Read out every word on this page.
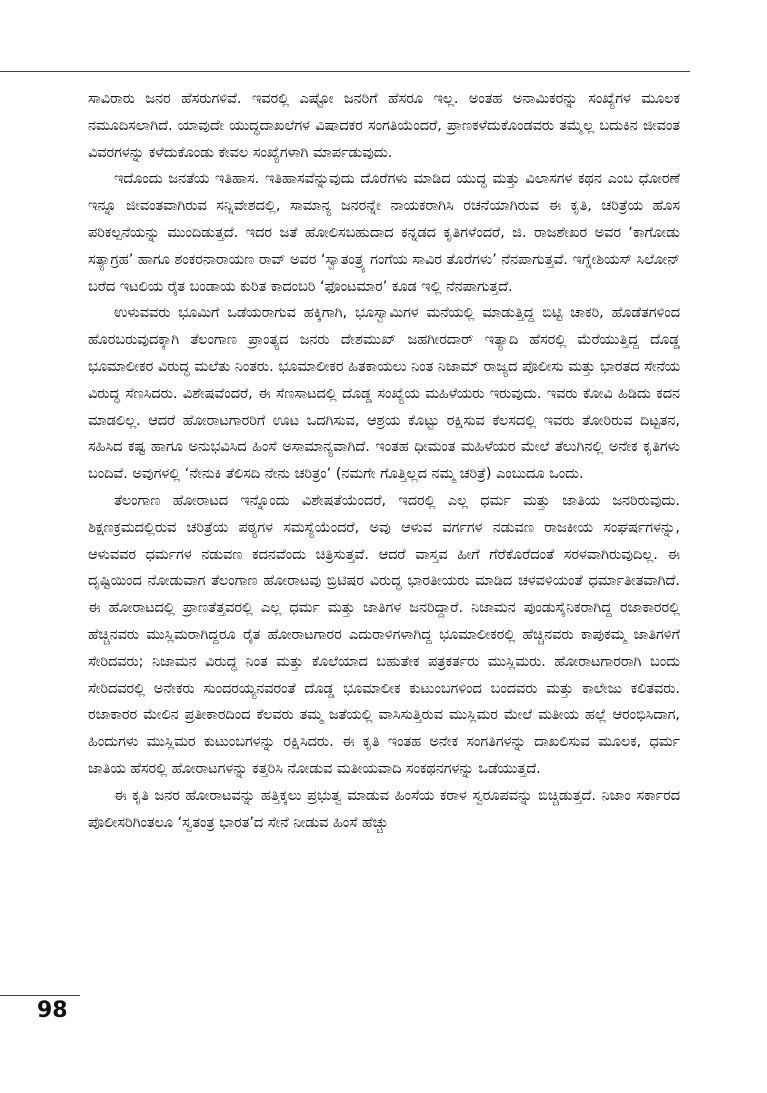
ಸಾವಿರಾರು ಜನರ ಹೆಸರುಗಳಿವೆ. ಇವರಲ್ಲಿ ಎಷ್ಟೋ ಜನರಿಗೆ ಹೆಸರೂ ಇಲ್ಲ. ಅಂತಹ ಅನಾಮಿಕರನ್ನು ಸಂಖ್ಯೆಗಳ ಮೂಲಕ ನಮೂದಿಸಲಾಗಿದೆ. ಯಾವುದೇ ಯುದ್ಧದಾಖಲೆಗಳ ವಿಷಾದಕರ ಸಂಗತಿಯೆಂದರೆ, ಪ್ರಾಣಕಳೆದುಕೊಂಡವರು ತಮ್ಮೆಲ್ಲ ಬದುಕಿನ ಜೀವಂತ ವಿವರಗಳನ್ನು ಕಳೆದುಕೊಂಡು ಕೇವಲ ಸಂಖ್ಯೆಗಳಾಗಿ ಮಾರ್ಪಡುವುದು.

ಇದೊಂದು ಜನತೆಯ ಇತಿಹಾಸ. ಇತಿಹಾಸವೆನ್ನುವುದು ದೊರೆಗಳು ಮಾಡಿದ ಯುದ್ಧ ಮತ್ತು ವಿಲಾಸಗಳ ಕಥನ ಎಂಬ ಧೋರಣೆ ಇನ್ನೂ ಜೀವಂತವಾಗಿರುವ ಸನ್ನಿವೇಶದಲ್ಲಿ, ಸಾಮಾನ್ಯ ಜನರನ್ನೇ ನಾಯಕರಾಗಿಸಿ ರಚನೆಯಾಗಿರುವ ಈ ಕೃತಿ, ಚರಿತ್ರೆಯ ಹೊಸ ಪರಿಕಲ್ಪನೆಯನ್ನು ಮುಂದಿಡುತ್ತದೆ. ಇದರ ಜತೆ ಹೋಲಿಸಬಹುದಾದ ಕನ್ನಡದ ಕೃತಿಗಳೆಂದರೆ, ಜಿ. ರಾಜಶೇಖರ ಅವರ ‘ಕಾಗೋಡು ಸತ್ಯಾಗ್ರಹ’ ಹಾಗೂ ಶಂಕರನಾರಾಯಣ ರಾವ್ ಅವರ ‘ಸ್ವಾತಂತ್ರ್ಯ ಗಂಗೆಯ ಸಾವಿರ ತೊರೆಗಳು’ ನೆನಪಾಗುತ್ತವೆ. ಇಗ್ನೇಶಿಯಸ್ ಸಿಲೋನ್ ಬರೆದ ಇಟಲಿಯ ರೈತ ಬಂಡಾಯ ಕುರಿತ ಕಾದಂಬರಿ ‘ಫೊಂಟಮಾರ’ ಕೂಡ ಇಲ್ಲಿ ನೆನಪಾಗುತ್ತದೆ.

ಉಳುವವರು ಭೂಮಿಗೆ ಒಡೆಯರಾಗುವ ಹಕ್ಕಿಗಾಗಿ, ಭೂಸ್ವಾಮಿಗಳ ಮನೆಯಲ್ಲಿ ಮಾಡುತ್ತಿದ್ದ ಬಿಟ್ಟಿ ಚಾಕರಿ, ಹೊಡೆತಗಳಿಂದ ಹೊರಬರುವುದಕ್ಕಾಗಿ ತೆಲಂಗಾಣ ಪ್ರಾಂತ್ಯದ ಜನರು ದೇಶಮುಖ್ ಜಹಗೀರದಾರ್ ಇತ್ಯಾದಿ ಹೆಸರಲ್ಲಿ ಮೆರೆಯುತ್ತಿದ್ದ ದೊಡ್ಡ ಭೂಮಾಲೀಕರ ವಿರುದ್ಧ ಮಲೆತು ನಿಂತರು. ಭೂಮಾಲೀಕರ ಹಿತಕಾಯಲು ನಿಂತ ನಿಜಾಮ್ ರಾಜ್ಯದ ಪೊಲೀಸು ಮತ್ತು ಭಾರತದ ಸೇನೆಯ ವಿರುದ್ಧ ಸೆಣಸಿದರು. ವಿಶೇಷವೆಂದರೆ, ಈ ಸೆಣಸಾಟದಲ್ಲಿ ದೊಡ್ಡ ಸಂಖ್ಯೆಯ ಮಹಿಳೆಯರು ಇರುವುದು. ಇವರು ಕೋವಿ ಹಿಡಿದು ಕದನ ಮಾಡಲಿಲ್ಲ. ಆದರೆ ಹೋರಾಟಗಾರರಿಗೆ ಊಟ ಒದಗಿಸುವ, ಆಶ್ರಯ ಕೊಟ್ಟು ರಕ್ಷಿಸುವ ಕೆಲಸದಲ್ಲಿ ಇವರು ತೋರಿರುವ ದಿಟ್ಟತನ, ಸಹಿಸಿದ ಕಷ್ಟ ಹಾಗೂ ಅನುಭವಿಸಿದ ಹಿಂಸೆ ಅಸಾಮಾನ್ಯವಾಗಿದೆ. ಇಂತಹ ಧೀಮಂತ ಮಹಿಳೆಯರ ಮೇಲೆ ತೆಲುಗಿನಲ್ಲಿ ಅನೇಕ ಕೃತಿಗಳು ಬಂದಿವೆ. ಅವುಗಳಲ್ಲಿ ‘ನೇನುಕಿ ತೆಲಿಸದಿ ನೇನು ಚರಿತ್ರಂ’ (ನಮಗೇ ಗೊತ್ತಿಲ್ಲದ ನಮ್ಮ ಚರಿತ್ರೆ) ಎಂಬುದೂ ಒಂದು.

ತೆಲಂಗಾಣ ಹೋರಾಟದ ಇನ್ನೊಂದು ವಿಶೇಷತೆಯೆಂದರೆ, ಇದರಲ್ಲಿ ಎಲ್ಲ ಧರ್ಮ ಮತ್ತು ಜಾತಿಯ ಜನರಿರುವುದು. ಶಿಕ್ಷಣಕ್ರಮದಲ್ಲಿರುವ ಚರಿತ್ರೆಯ ಪಠ್ಯಗಳ ಸಮಸ್ಯೆಯೆಂದರೆ, ಅವು ಆಳುವ ವರ್ಗಗಳ ನಡುವಣ ರಾಜಕೀಯ ಸಂಘರ್ಷಗಳನ್ನು, ಆಳುವವರ ಧರ್ಮಗಳ ನಡುವಣ ಕದನವೆಂದು ಚಿತ್ರಿಸುತ್ತವೆ. ಆದರೆ ವಾಸ್ತವ ಹೀಗೆ ಗೆರೆಕೊರೆದಂತೆ ಸರಳವಾಗಿರುವುದಿಲ್ಲ. ಈ ದೃಷ್ಟಿಯಿಂದ ನೋಡುವಾಗ ತೆಲಂಗಾಣ ಹೋರಾಟವು ಬ್ರಿಟಿಷರ ವಿರುದ್ಧ ಭಾರತೀಯರು ಮಾಡಿದ ಚಳವಳಿಯಂತೆ ಧರ್ಮಾತೀತವಾಗಿದೆ. ಈ ಹೋರಾಟದಲ್ಲಿ ಪ್ರಾಣತೆತ್ತವರಲ್ಲಿ ಎಲ್ಲ ಧರ್ಮ ಮತ್ತು ಜಾತಿಗಳ ಜನರಿದ್ದಾರೆ. ನಿಜಾಮನ ಪುಂಡುಸೈನಿಕರಾಗಿದ್ದ ರಜಾಕಾರರಲ್ಲಿ ಹೆಚ್ಚಿನವರು ಮುಸ್ಲಿಮರಾಗಿದ್ದರೂ ರೈತ ಹೋರಾಟಗಾರರ ಎದುರಾಳಿಗಳಾಗಿದ್ದ ಭೂಮಾಲೀಕರಲ್ಲಿ ಹೆಚ್ಚಿನವರು ಕಾಪುಕಮ್ಮ ಜಾತಿಗಳಿಗೆ ಸೇರಿದವರು; ನಿಜಾಮನ ವಿರುದ್ಧ ನಿಂತ ಮತ್ತು ಕೊಲೆಯಾದ ಬಹುತೇಕ ಪತ್ರಕರ್ತರು ಮುಸ್ಲಿಮರು. ಹೋರಾಟಗಾರರಾಗಿ ಬಂದು ಸೇರಿದವರಲ್ಲಿ ಅನೇಕರು ಸುಂದರಯ್ಯನವರಂತೆ ದೊಡ್ಡ ಭೂಮಾಲೀಕ ಕುಟುಂಬಗಳಿಂದ ಬಂದವರು ಮತ್ತು ಕಾಲೇಜು ಕಲಿತವರು. ರಜಾಕಾರರ ಮೇಲಿನ ಪ್ರತೀಕಾರದಿಂದ ಕೆಲವರು ತಮ್ಮ ಜತೆಯಲ್ಲಿ ವಾಸಿಸುತ್ತಿರುವ ಮುಸ್ಲಿಮರ ಮೇಲೆ ಮತೀಯ ಹಲ್ಲೆ ಆರಂಭಿಸಿದಾಗ, ಹಿಂದುಗಳು ಮುಸ್ಲಿಮರ ಕುಟುಂಬಗಳನ್ನು ರಕ್ಷಿಸಿದರು. ಈ ಕೃತಿ ಇಂತಹ ಅನೇಕ ಸಂಗತಿಗಳನ್ನು ದಾಖಲಿಸುವ ಮೂಲಕ, ಧರ್ಮ ಜಾತಿಯ ಹೆಸರಲ್ಲಿ ಹೋರಾಟಗಳನ್ನು ಕತ್ತರಿಸಿ ನೋಡುವ ಮತೀಯವಾದಿ ಸಂಕಥನಗಳನ್ನು ಒಡೆಯುತ್ತದೆ.

ಈ ಕೃತಿ ಜನರ ಹೋರಾಟವನ್ನು ಹತ್ತಿಕ್ಕಲು ಪ್ರಭುತ್ವ ಮಾಡುವ ಹಿಂಸೆಯ ಕರಾಳ ಸ್ವರೂಪವನ್ನು ಬಿಚ್ಚಿಡುತ್ತದೆ. ನಿಜಾಂ ಸರ್ಕಾರದ ಪೊಲೀಸರಿಗಿಂತಲೂ ‘ಸ್ವತಂತ್ರ ಭಾರತ’ದ ಸೇನೆ ನೀಡುವ ಹಿಂಸೆ ಹೆಚ್ಚು

98
